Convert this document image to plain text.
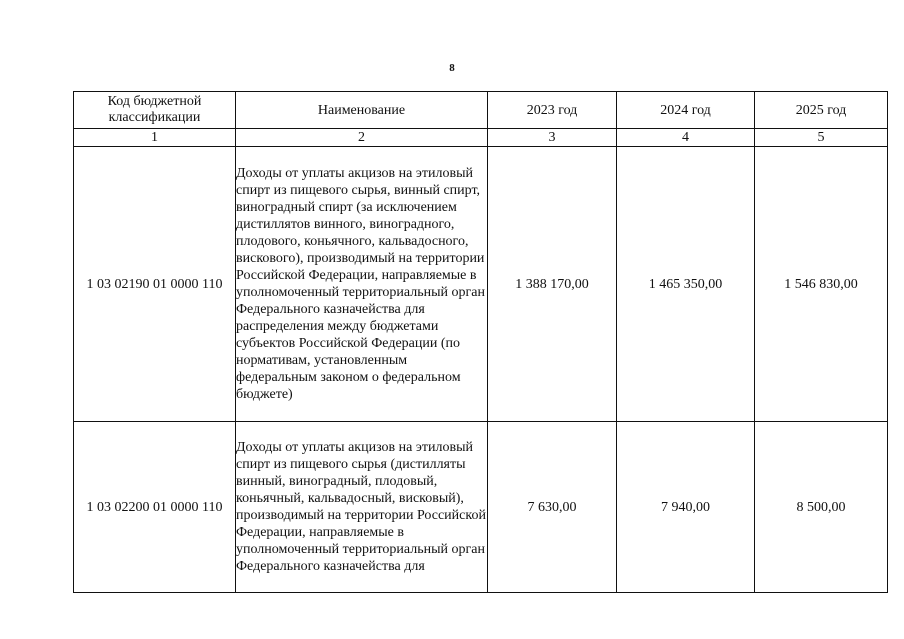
8
Код бюджетной классификации	Наименование	2023 год	2024 год	2025 год
1	2	3	4	5
1 03 02190 01 0000 110	Доходы от уплаты акцизов на этиловый спирт из пищевого сырья, винный спирт, виноградный спирт (за исключением дистиллятов винного, виноградного, плодового, коньячного, кальвадосного, вискового), производимый на территории Российской Федерации, направляемые в уполномоченный территориальный орган Федерального казначейства для распределения между бюджетами субъектов Российской Федерации (по нормативам, установленным федеральным законом о федеральном бюджете)	1 388 170,00	1 465 350,00	1 546 830,00
1 03 02200 01 0000 110	Доходы от уплаты акцизов на этиловый спирт из пищевого сырья (дистилляты винный, виноградный, плодовый, коньячный, кальвадосный, висковый), производимый на территории Российской Федерации, направляемые в уполномоченный территориальный орган Федерального казначейства для	7 630,00	7 940,00	8 500,00
